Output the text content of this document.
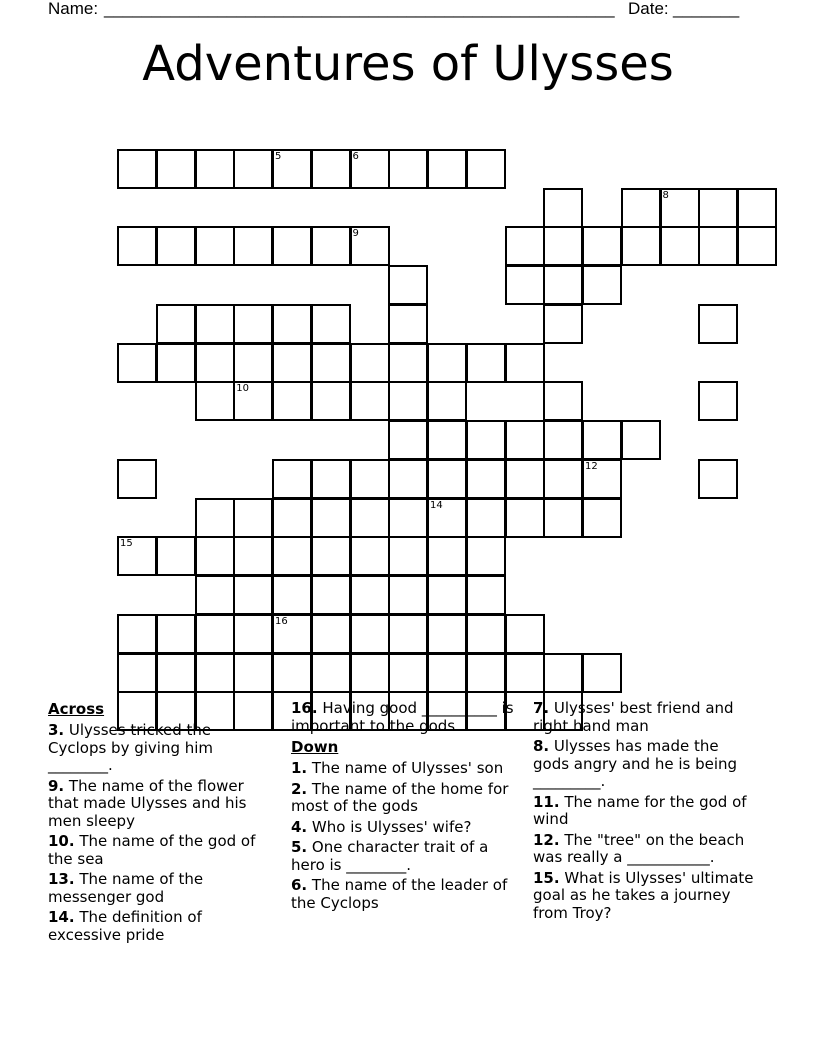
Name: ______________________________________________________ Date: _______
Adventures of Ulysses
5	6
8
9
10
12
14
15
16
Across
3. Ulysses tricked the Cyclops by giving him ________.
9. The name of the flower that made Ulysses and his men sleepy
10. The name of the god of the sea
13. The name of the messenger god
14. The definition of excessive pride
16. Having good __________ is important to the gods.
Down
1. The name of Ulysses' son
2. The name of the home for most of the gods
4. Who is Ulysses' wife?
5. One character trait of a hero is ________.
6. The name of the leader of the Cyclops
7. Ulysses' best friend and right hand man
8. Ulysses has made the gods angry and he is being _________.
11. The name for the god of wind
12. The "tree" on the beach was really a ___________.
15. What is Ulysses' ultimate goal as he takes a journey from Troy?
